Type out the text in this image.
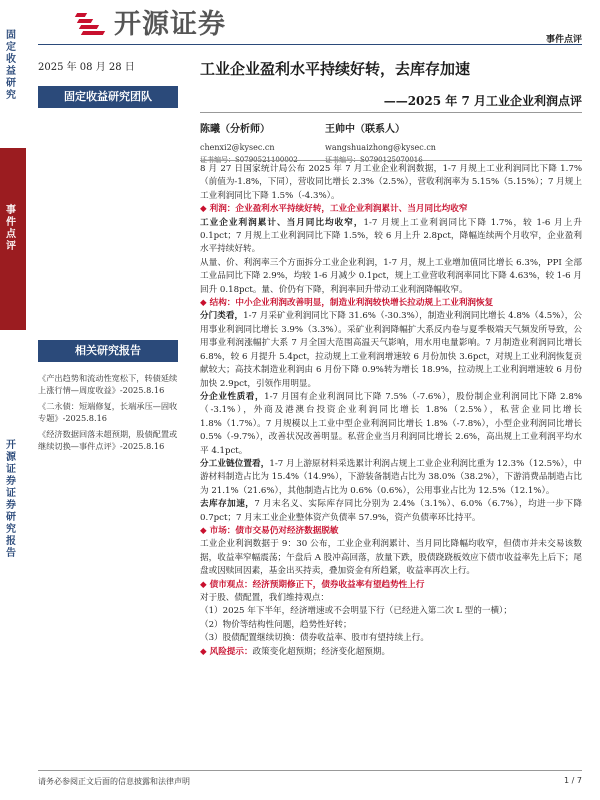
固定收益研究
事件点评
开源证券 证券研究报告
开源证券	事件点评
2025 年 08 月 28 日
固定收益研究团队
工业企业盈利水平持续好转，去库存加速
——2025 年 7 月工业企业利润点评
陈曦（分析师）
chenxi2@kysec.cn
证书编号：S0790521100002
王帅中（联系人）
wangshuaizhong@kysec.cn
证书编号：S0790125070016
相关研究报告
《产出趋势和流动性宽松下，转债延续上涨行情—周度收益》-2025.8.16
《二永债：短端修复，长端承压—固收专题》-2025.8.16
《经济数据回落未超预期，股债配置或继续切换—事件点评》-2025.8.16

8 月 27 日国家统计局公布 2025 年 7 月工业企业利润数据，1-7 月规上工业利润同比下降 1.7%（前值为-1.8%，下同），营收同比增长 2.3%（2.5%），营收利润率为 5.15%（5.15%）；7 月规上工业利润同比下降 1.5%（-4.3%）。

◆ 利润：企业盈利水平持续好转，工业企业利润累计、当月同比均收窄

工业企业利润累计、当月同比均收窄，1-7 月规上工业利润同比下降 1.7%，较 1-6 月上升 0.1pct；7 月规上工业利润同比下降 1.5%，较 6 月上升 2.8pct，降幅连续两个月收窄，企业盈利水平持续好转。

从量、价、利润率三个方面拆分工业企业利润，1-7 月，规上工业增加值同比增长 6.3%，PPI 全部工业品同比下降 2.9%，均较 1-6 月减少 0.1pct，规上工业营收利润率同比下降 4.63%，较 1-6 月回升 0.18pct。量、价仍有下降，利润率回升带动工业利润降幅收窄。

◆ 结构：中小企业利润改善明显，制造业利润较快增长拉动规上工业利润恢复

分门类看，1-7 月采矿业利润同比下降 31.6%（-30.3%），制造业利润同比增长 4.8%（4.5%），公用事业利润同比增长 3.9%（3.3%）。采矿业利润降幅扩大系反内卷与夏季极端天气频发所导致，公用事业利润涨幅扩大系 7 月全国大范围高温天气影响，用水用电量影响。7 月制造业利润同比增长 6.8%，较 6 月提升 5.4pct，拉动规上工业利润增速较 6 月份加快 3.6pct，对规上工业利润恢复贡献较大；高技术制造业利润由 6 月份下降 0.9%转为增长 18.9%，拉动规上工业利润增速较 6 月份加快 2.9pct，引领作用明显。

分企业性质看，1-7 月国有企业利润同比下降 7.5%（-7.6%），股份制企业利润同比下降 2.8%（-3.1%），外商及港澳台投资企业利润同比增长 1.8%（2.5%），私营企业同比增长 1.8%（1.7%）。7 月规模以上工业中型企业利润同比增长 1.8%（-7.8%），小型企业利润同比增长 0.5%（-9.7%），改善状况改善明显。私营企业当月利润同比增长 2.6%，高出规上工业利润平均水平 4.1pct。

分工业链位置看，1-7 月上游原材料采选累计利润占规上工业企业利润比重为 12.3%（12.5%），中游材料制造占比为 15.4%（14.9%），下游装备制造占比为 38.0%（38.2%），下游消费品制造占比为 21.1%（21.6%），其他制造占比为 0.6%（0.6%），公用事业占比为 12.5%（12.1%）。

去库存加速，7 月末名义、实际库存同比分别为 2.4%（3.1%）、6.0%（6.7%），均进一步下降 0.7pct；7 月末工业企业整体资产负债率 57.9%，资产负债率环比持平。

◆ 市场：债市交易仍对经济数据脱敏

工业企业利润数据于 9：30 公布，工业企业利润累计、当月同比降幅均收窄，但债市并未交易该数据，收益率窄幅震荡；午盘后 A 股冲高回落，放量下跌，股债跷跷板效应下债市收益率先上后下；尾盘或因赎回因素，基金出买持卖，叠加资金有所趋紧，收益率再次上行。

◆ 债市观点：经济预期修正下，债券收益率有望趋势性上行

对于股、债配置，我们维持观点：

（1）2025 年下半年，经济增速或不会明显下行（已经进入第二次 L 型的一横）；

（2）物价等结构性问题，趋势性好转；

（3）股债配置继续切换：债券收益率、股市有望持续上行。

◆ 风险提示：政策变化超预期；经济变化超预期。

请务必参阅正文后面的信息披露和法律声明	1 / 7
